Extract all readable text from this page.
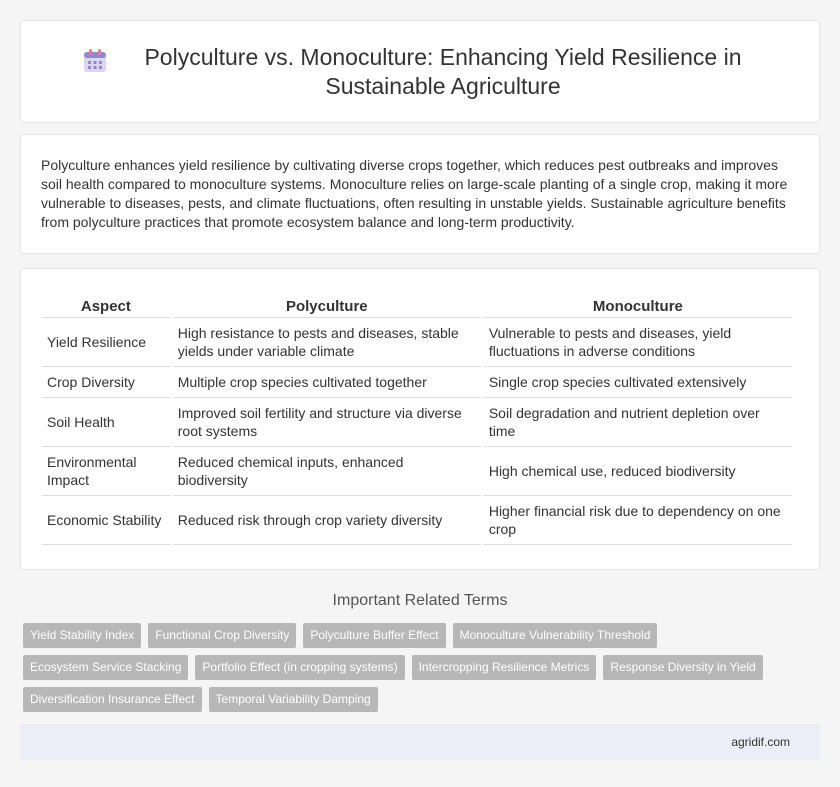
Polyculture vs. Monoculture: Enhancing Yield Resilience in Sustainable Agriculture

Polyculture enhances yield resilience by cultivating diverse crops together, which reduces pest outbreaks and improves soil health compared to monoculture systems. Monoculture relies on large-scale planting of a single crop, making it more vulnerable to diseases, pests, and climate fluctuations, often resulting in unstable yields. Sustainable agriculture benefits from polyculture practices that promote ecosystem balance and long-term productivity.

Aspect	Polyculture	Monoculture
Yield Resilience	High resistance to pests and diseases, stable yields under variable climate	Vulnerable to pests and diseases, yield fluctuations in adverse conditions
Crop Diversity	Multiple crop species cultivated together	Single crop species cultivated extensively
Soil Health	Improved soil fertility and structure via diverse root systems	Soil degradation and nutrient depletion over time
Environmental Impact	Reduced chemical inputs, enhanced biodiversity	High chemical use, reduced biodiversity
Economic Stability	Reduced risk through crop variety diversity	Higher financial risk due to dependency on one crop
Important Related Terms
Yield Stability Index	Functional Crop Diversity	Polyculture Buffer Effect	Monoculture Vulnerability Threshold
Ecosystem Service Stacking	Portfolio Effect (in cropping systems)	Intercropping Resilience Metrics	Response Diversity in Yield
Diversification Insurance Effect	Temporal Variability Damping
agridif.com
